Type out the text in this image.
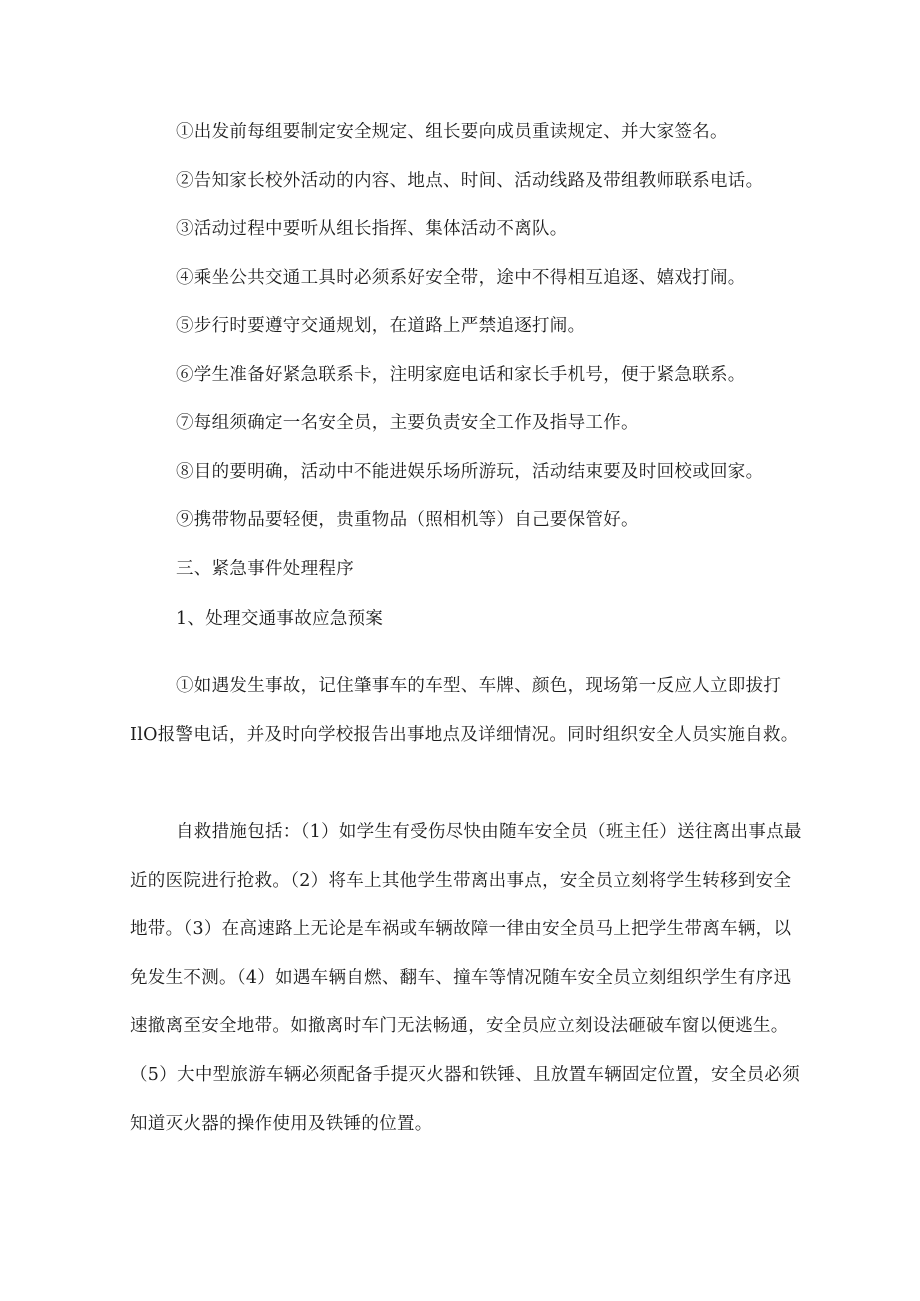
①出发前每组要制定安全规定、组长要向成员重读规定、并大家签名。
②告知家长校外活动的内容、地点、时间、活动线路及带组教师联系电话。
③活动过程中要听从组长指挥、集体活动不离队。
④乘坐公共交通工具时必须系好安全带，途中不得相互追逐、嬉戏打闹。
⑤步行时要遵守交通规划，在道路上严禁追逐打闹。
⑥学生准备好紧急联系卡，注明家庭电话和家长手机号，便于紧急联系。
⑦每组须确定一名安全员，主要负责安全工作及指导工作。
⑧目的要明确，活动中不能进娱乐场所游玩，活动结束要及时回校或回家。
⑨携带物品要轻便，贵重物品（照相机等）自己要保管好。
三、紧急事件处理程序
1、处理交通事故应急预案

①如遇发生事故，记住肇事车的车型、车牌、颜色，现场第一反应人立即拔打IlO报警电话，并及时向学校报告出事地点及详细情况。同时组织安全人员实施自救。

自救措施包括：（1）如学生有受伤尽快由随车安全员（班主任）送往离出事点最近的医院进行抢救。（2）将车上其他学生带离出事点，安全员立刻将学生转移到安全地带。（3）在高速路上无论是车祸或车辆故障一律由安全员马上把学生带离车辆，以免发生不测。（4）如遇车辆自燃、翻车、撞车等情况随车安全员立刻组织学生有序迅速撤离至安全地带。如撤离时车门无法畅通，安全员应立刻设法砸破车窗以便逃生。（5）大中型旅游车辆必须配备手提灭火器和铁锤、且放置车辆固定位置，安全员必须知道灭火器的操作使用及铁锤的位置。
